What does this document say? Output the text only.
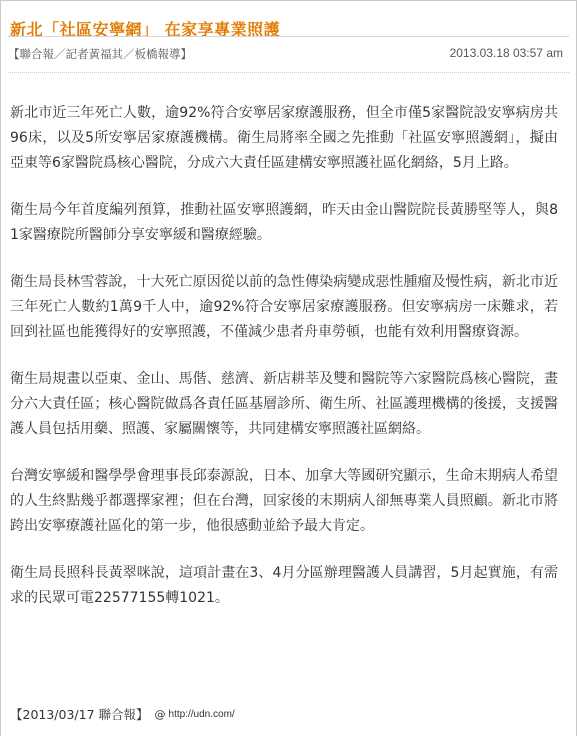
新北「社區安寧網」 在家享專業照護
【聯合報／記者黃福其／板橋報導】	2013.03.18 03:57 am

新北市近三年死亡人數，逾92%符合安寧居家療護服務，但全市僅5家醫院設安寧病房共96床，以及5所安寧居家療護機構。衛生局將率全國之先推動「社區安寧照護網」，擬由亞東等6家醫院爲核心醫院，分成六大責任區建構安寧照護社區化網絡，5月上路。

衛生局今年首度編列預算，推動社區安寧照護網，昨天由金山醫院院長黃勝堅等人，與81家醫療院所醫師分享安寧緩和醫療經驗。

衛生局長林雪蓉說，十大死亡原因從以前的急性傳染病變成惡性腫瘤及慢性病，新北市近三年死亡人數約1萬9千人中，逾92%符合安寧居家療護服務。但安寧病房一床難求，若回到社區也能獲得好的安寧照護，不僅減少患者舟車勞頓，也能有效利用醫療資源。

衛生局規畫以亞東、金山、馬偕、慈濟、新店耕莘及雙和醫院等六家醫院爲核心醫院，畫分六大責任區；核心醫院做爲各責任區基層診所、衛生所、社區護理機構的後援，支援醫護人員包括用藥、照護、家屬關懷等，共同建構安寧照護社區網絡。

台灣安寧緩和醫學學會理事長邱泰源說，日本、加拿大等國研究顯示，生命末期病人希望的人生終點幾乎都選擇家裡；但在台灣，回家後的末期病人卻無專業人員照顧。新北市將跨出安寧療護社區化的第一步，他很感動並給予最大肯定。

衛生局長照科長黃翠咪說，這項計畫在3、4月分區辦理醫護人員講習，5月起實施，有需求的民眾可電22577155轉1021。

【2013/03/17 聯合報】 @ http://udn.com/
